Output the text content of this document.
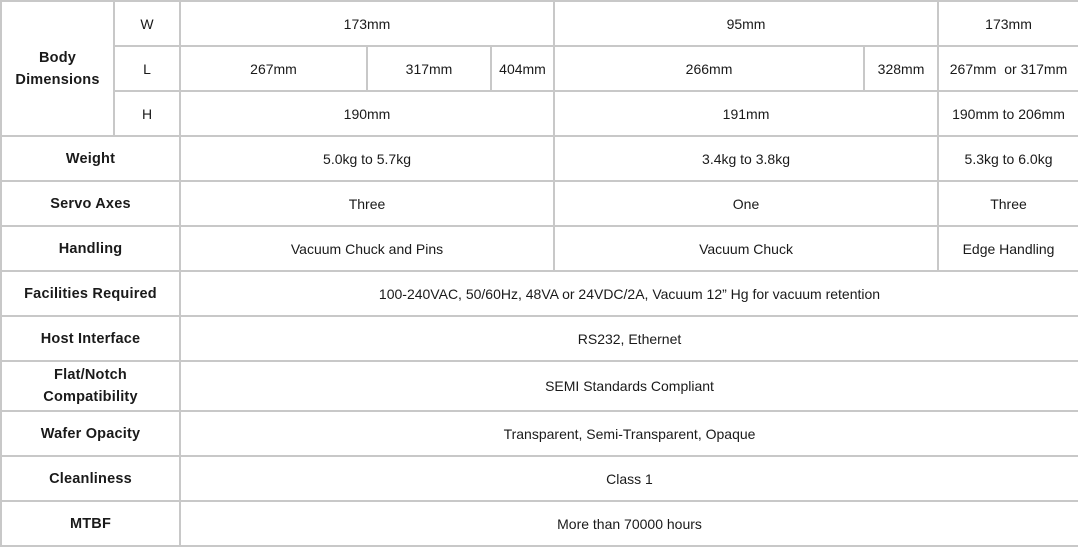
Body Dimensions	W	173mm			95mm		173mm
	L	267mm	317mm	404mm	266mm	328mm	267mm  or 317mm
	H	190mm			191mm		190mm to 206mm
Weight		5.0kg to 5.7kg			3.4kg to 3.8kg		5.3kg to 6.0kg
Servo Axes		Three			One		Three
Handling		Vacuum Chuck and Pins			Vacuum Chuck		Edge Handling
Facilities Required		100-240VAC, 50/60Hz, 48VA or 24VDC/2A, Vacuum 12” Hg for vacuum retention					
Host Interface		RS232, Ethernet					
Flat/Notch Compatibility		SEMI Standards Compliant					
Wafer Opacity		Transparent, Semi-Transparent, Opaque					
Cleanliness		Class 1					
MTBF		More than 70000 hours					
